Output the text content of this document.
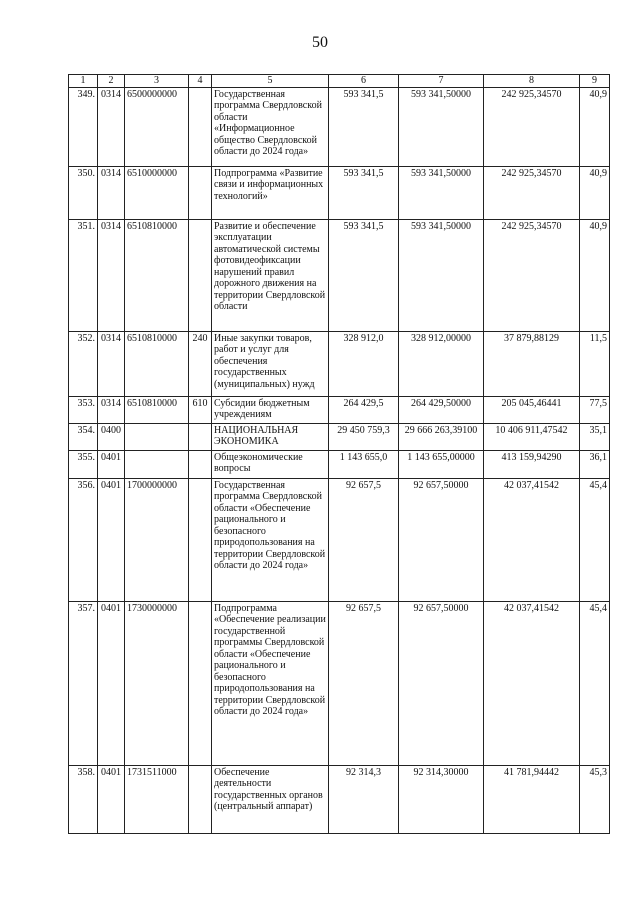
50
1	2	3	4	5	6	7	8	9
349.	0314	6500000000		Государственная программа Свердловской области «Информационное общество Свердловской области до 2024 года»	593 341,5	593 341,50000	242 925,34570	40,9
350.	0314	6510000000		Подпрограмма «Развитие связи и информационных технологий»	593 341,5	593 341,50000	242 925,34570	40,9
351.	0314	6510810000		Развитие и обеспечение эксплуатации автоматической системы фотовидеофиксации нарушений правил дорожного движения на территории Свердловской области	593 341,5	593 341,50000	242 925,34570	40,9
352.	0314	6510810000	240	Иные закупки товаров, работ и услуг для обеспечения государственных (муниципальных) нужд	328 912,0	328 912,00000	37 879,88129	11,5
353.	0314	6510810000	610	Субсидии бюджетным учреждениям	264 429,5	264 429,50000	205 045,46441	77,5
354.	0400			НАЦИОНАЛЬНАЯ ЭКОНОМИКА	29 450 759,3	29 666 263,39100	10 406 911,47542	35,1
355.	0401			Общеэкономические вопросы	1 143 655,0	1 143 655,00000	413 159,94290	36,1
356.	0401	1700000000		Государственная программа Свердловской области «Обеспечение рационального и безопасного природопользования на территории Свердловской области до 2024 года»	92 657,5	92 657,50000	42 037,41542	45,4
357.	0401	1730000000		Подпрограмма «Обеспечение реализации государственной программы Свердловской области «Обеспечение рационального и безопасного природопользования на территории Свердловской области до 2024 года»	92 657,5	92 657,50000	42 037,41542	45,4
358.	0401	1731511000		Обеспечение деятельности государственных органов (центральный аппарат)	92 314,3	92 314,30000	41 781,94442	45,3
